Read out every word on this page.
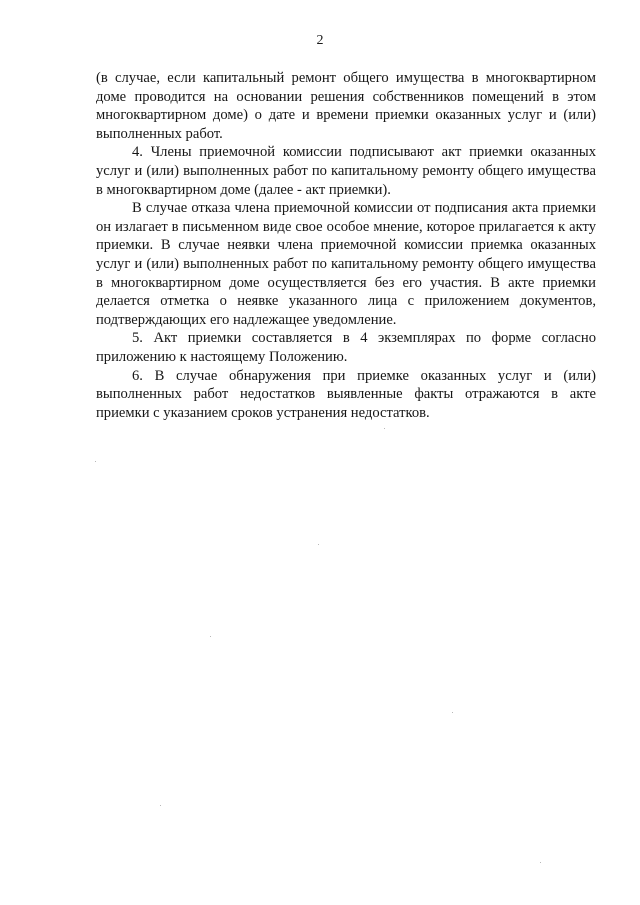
2

(в случае, если капитальный ремонт общего имущества в многоквартирном доме проводится на основании решения собственников помещений в этом многоквартирном доме) о дате и времени приемки оказанных услуг и (или) выполненных работ.

4. Члены приемочной комиссии подписывают акт приемки оказанных услуг и (или) выполненных работ по капитальному ремонту общего имущества в многоквартирном доме (далее - акт приемки).

В случае отказа члена приемочной комиссии от подписания акта приемки он излагает в письменном виде свое особое мнение, которое прилагается к акту приемки. В случае неявки члена приемочной комиссии приемка оказанных услуг и (или) выполненных работ по капитальному ремонту общего имущества в многоквартирном доме осуществляется без его участия. В акте приемки делается отметка о неявке указанного лица с приложением документов, подтверждающих его надлежащее уведомление.

5. Акт приемки составляется в 4 экземплярах по форме согласно приложению к настоящему Положению.

6. В случае обнаружения при приемке оказанных услуг и (или) выполненных работ недостатков выявленные факты отражаются в акте приемки с указанием сроков устранения недостатков.
